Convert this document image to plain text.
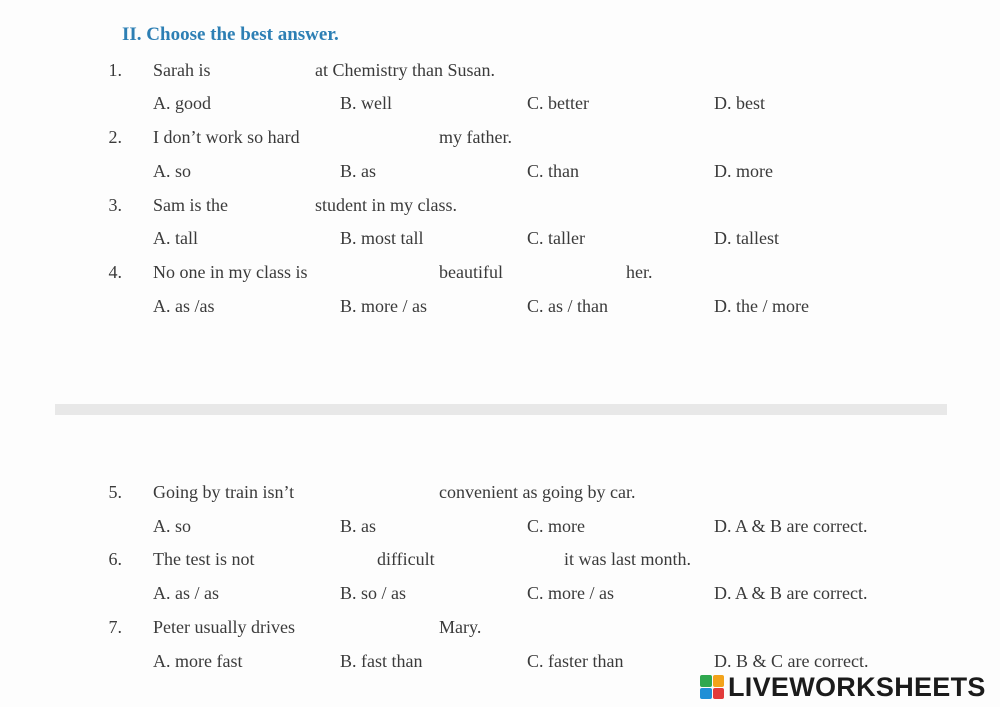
II. Choose the best answer.
1. Sarah is	at Chemistry than Susan.
A. good	B. well	C. better	D. best
2. I don’t work so hard	my father.
A. so	B. as	C. than	D. more
3. Sam is the	student in my class.
A. tall	B. most tall	C. taller	D. tallest
4. No one in my class is	beautiful	her.
A. as /as	B. more / as	C. as / than	D. the / more
5. Going by train isn’t	convenient as going by car.
A. so	B. as	C. more	D. A & B are correct.
6. The test is not	difficult	it was last month.
A. as / as	B. so / as	C. more / as	D. A & B are correct.
7. Peter usually drives	Mary.
A. more fast	B. fast than	C. faster than	D. B & C are correct.
LIVEWORKSHEETS
